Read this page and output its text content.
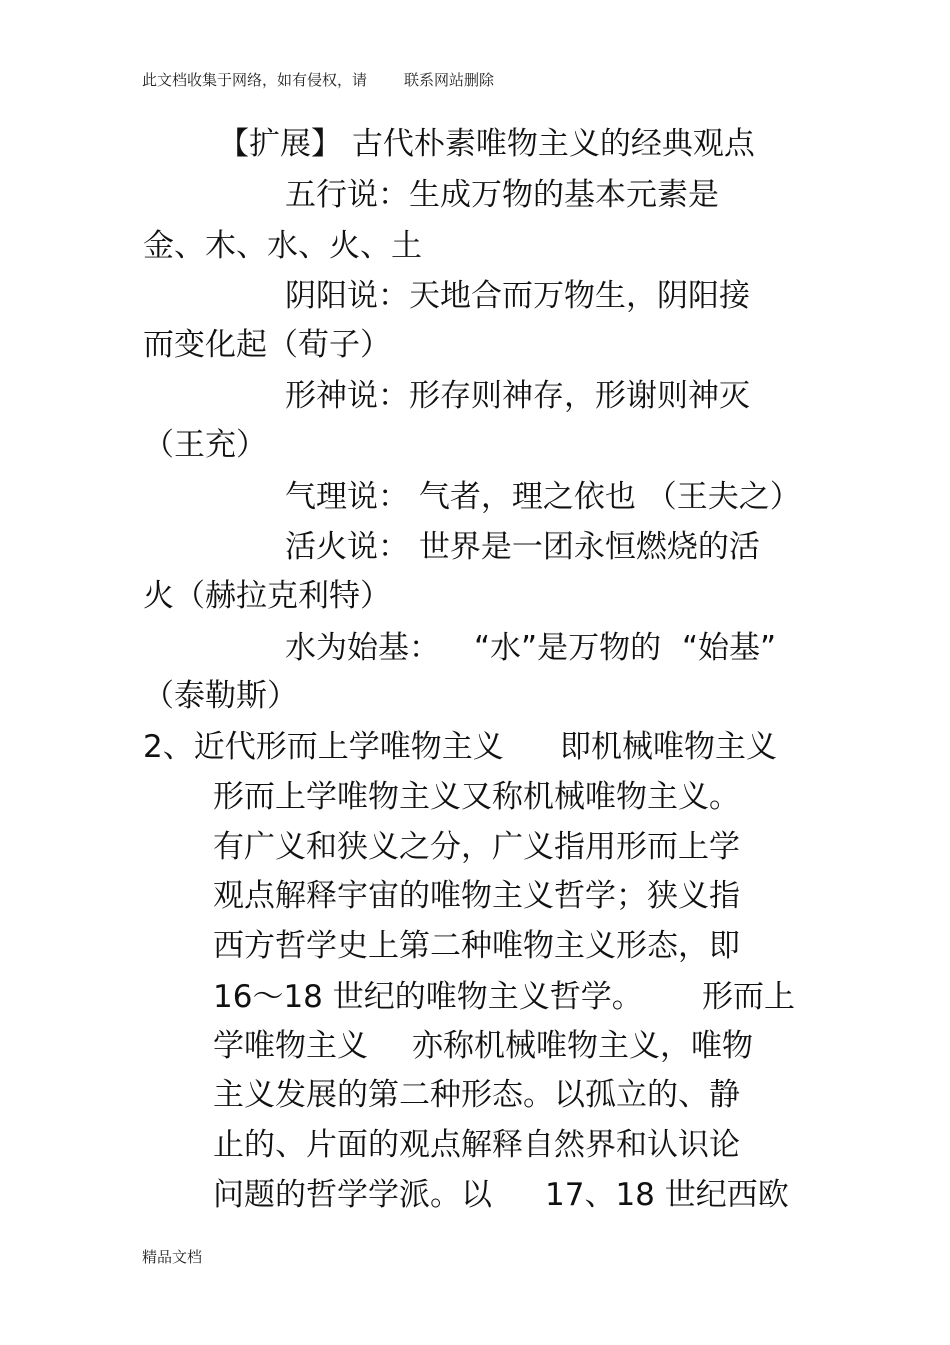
此文档收集于网络，如有侵权，请 联系网站删除
【扩展】 古代朴素唯物主义的经典观点
五行说：生成万物的基本元素是
金、木、水、火、土
阴阳说：天地合而万物生，阴阳接
而变化起（荀子）
形神说：形存则神存，形谢则神灭
（王充）
气理说： 气者，理之依也 （王夫之）
活火说： 世界是一团永恒燃烧的活
火（赫拉克利特）
水为始基： “水”是万物的 “始基”
（泰勒斯）
2、近代形而上学唯物主义 即机械唯物主义
形而上学唯物主义又称机械唯物主义。
有广义和狭义之分，广义指用形而上学
观点解释宇宙的唯物主义哲学；狭义指
西方哲学史上第二种唯物主义形态，即
16～18 世纪的唯物主义哲学。 形而上
学唯物主义 亦称机械唯物主义，唯物
主义发展的第二种形态。以孤立的、静
止的、片面的观点解释自然界和认识论
问题的哲学学派。以 17、18 世纪西欧
精品文档
